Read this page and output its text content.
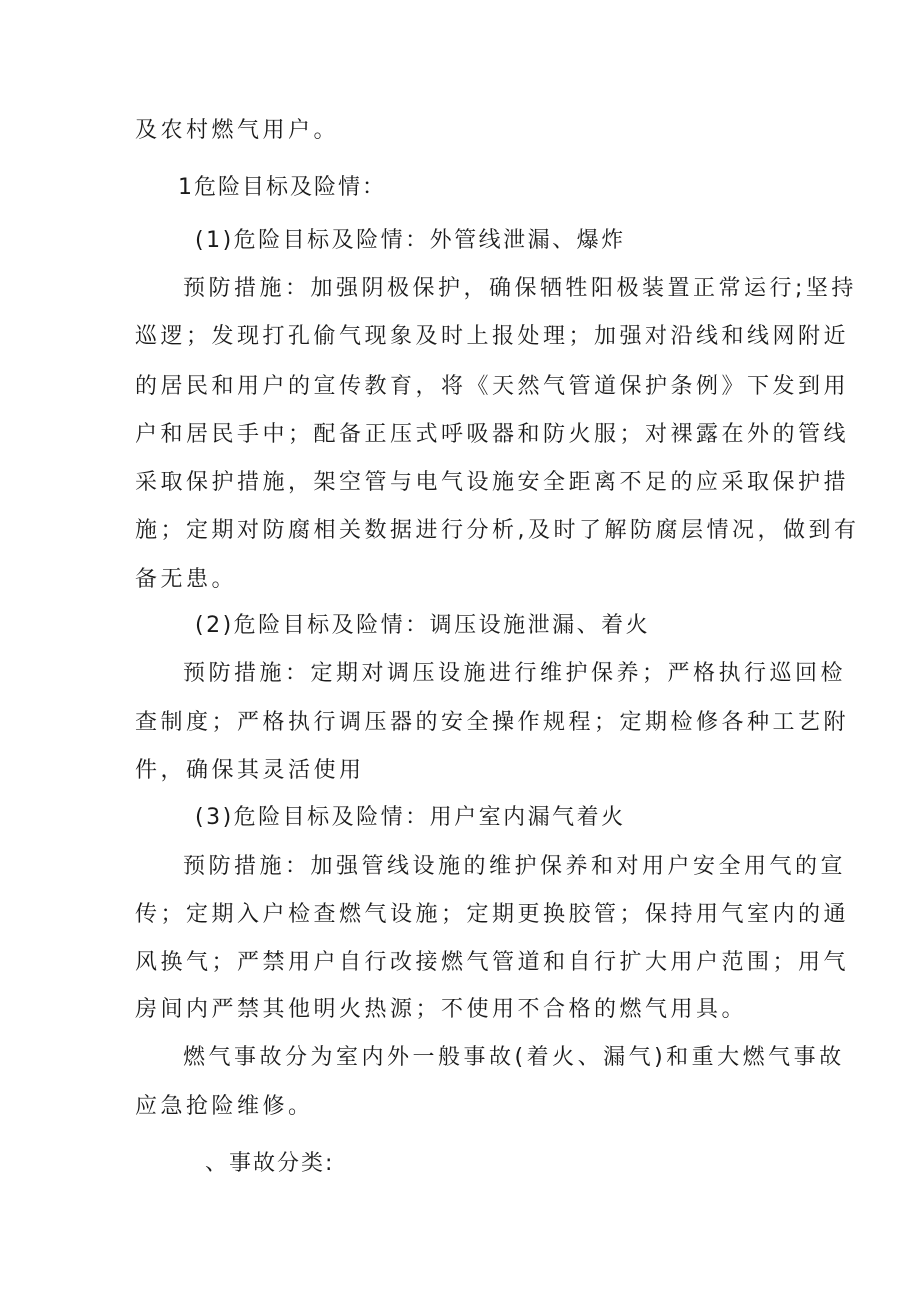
及农村燃气用户。
1危险目标及险情：
(1)危险目标及险情：外管线泄漏、爆炸
预防措施：加强阴极保护，确保牺牲阳极装置正常运行;坚持
巡逻；发现打孔偷气现象及时上报处理；加强对沿线和线网附近
的居民和用户的宣传教育，将《天然气管道保护条例》下发到用
户和居民手中；配备正压式呼吸器和防火服；对裸露在外的管线
采取保护措施，架空管与电气设施安全距离不足的应采取保护措
施；定期对防腐相关数据进行分析,及时了解防腐层情况，做到有
备无患。
(2)危险目标及险情：调压设施泄漏、着火
预防措施：定期对调压设施进行维护保养；严格执行巡回检
查制度；严格执行调压器的安全操作规程；定期检修各种工艺附
件，确保其灵活使用
(3)危险目标及险情：用户室内漏气着火
预防措施：加强管线设施的维护保养和对用户安全用气的宣
传；定期入户检查燃气设施；定期更换胶管；保持用气室内的通
风换气；严禁用户自行改接燃气管道和自行扩大用户范围；用气
房间内严禁其他明火热源；不使用不合格的燃气用具。
燃气事故分为室内外一般事故(着火、漏气)和重大燃气事故
应急抢险维修。
、事故分类:
